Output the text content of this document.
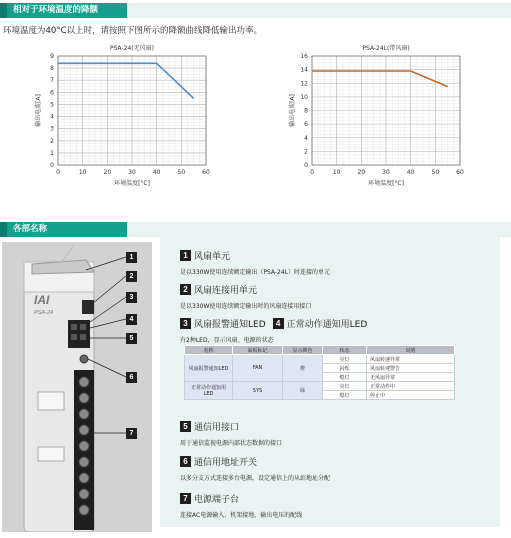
相对于环境温度的降额
环境温度为40°C以上时，请按照下图所示的降额曲线降低输出功率。
0	10	20	30	40	50	60
0
1
2
3
4
5
6
7
8
9
PSA-24(无风扇)
环境温度[°C]
输出电流[A]
0	10	20	30	40	50	60
0
2
4
6
8
10
12
14
16
PSA-24L(带风扇)
环境温度[°C]
输出电流[A]
各部名称
IAI
PSA-24
1
2
3
4
5
6
7
1 风扇单元
是以330W使用连续额定输出（PSA-24L）时连接的单元
2 风扇连接用单元
是以330W使用连续额定输出时的风扇连接用接口
3 风扇报警通知LED	4 正常动作通知用LED
有2种LED，显示风扇、电源的状态
名称	面板标记	显示颜色	状态	说明
风扇报警通知LED	FAN	橙	亮灯	风扇转速异常
			闪烁	风扇转速警告
			熄灯	无风扇异常
正常动作通知用LED	SYS	绿	亮灯	正常动作中
			熄灯	停止中
5 通信用接口
用于通信监视电源内部状态数据的接口
6 通信用地址开关
以多分支方式连接多台电源，设定通信上的从站地址分配
7 电源端子台
连接AC电源输入、机架接地、输出电压的配线
